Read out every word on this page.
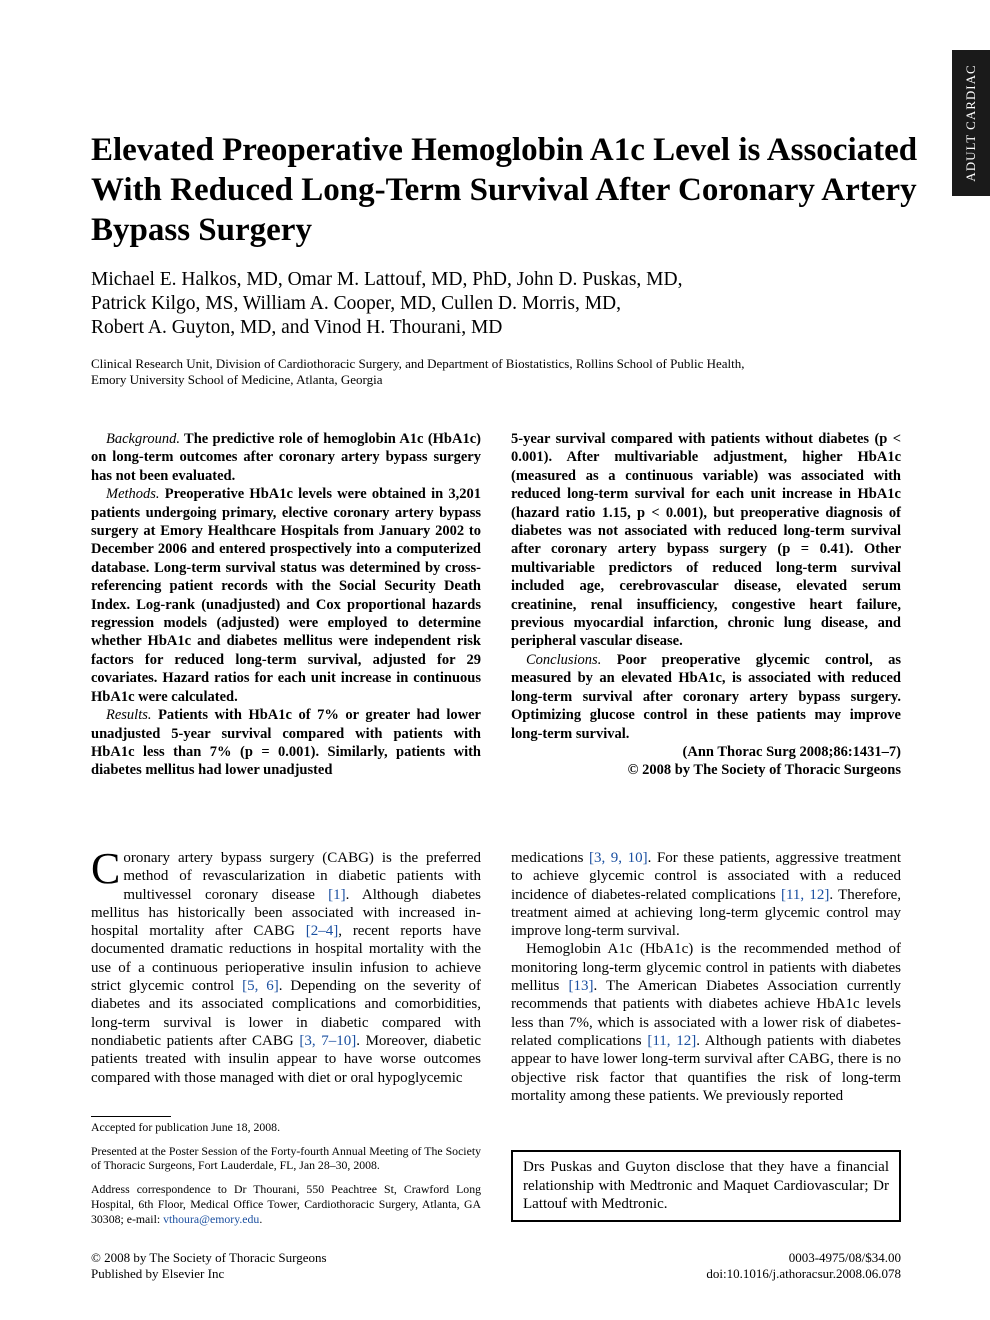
ADULT CARDIAC
Elevated Preoperative Hemoglobin A1c Level is Associated With Reduced Long-Term Survival After Coronary Artery Bypass Surgery
Michael E. Halkos, MD, Omar M. Lattouf, MD, PhD, John D. Puskas, MD,
Patrick Kilgo, MS, William A. Cooper, MD, Cullen D. Morris, MD,
Robert A. Guyton, MD, and Vinod H. Thourani, MD
Clinical Research Unit, Division of Cardiothoracic Surgery, and Department of Biostatistics, Rollins School of Public Health,
Emory University School of Medicine, Atlanta, Georgia

Background. The predictive role of hemoglobin A1c (HbA1c) on long-term outcomes after coronary artery bypass surgery has not been evaluated.

Methods. Preoperative HbA1c levels were obtained in 3,201 patients undergoing primary, elective coronary artery bypass surgery at Emory Healthcare Hospitals from January 2002 to December 2006 and entered prospectively into a computerized database. Long-term survival status was determined by cross-referencing patient records with the Social Security Death Index. Log-rank (unadjusted) and Cox proportional hazards regression models (adjusted) were employed to determine whether HbA1c and diabetes mellitus were independent risk factors for reduced long-term survival, adjusted for 29 covariates. Hazard ratios for each unit increase in continuous HbA1c were calculated.

Results. Patients with HbA1c of 7% or greater had lower unadjusted 5-year survival compared with patients with HbA1c less than 7% (p = 0.001). Similarly, patients with diabetes mellitus had lower unadjusted

5-year survival compared with patients without diabetes (p < 0.001). After multivariable adjustment, higher HbA1c (measured as a continuous variable) was associated with reduced long-term survival for each unit increase in HbA1c (hazard ratio 1.15, p < 0.001), but preoperative diagnosis of diabetes was not associated with reduced long-term survival after coronary artery bypass surgery (p = 0.41). Other multivariable predictors of reduced long-term survival included age, cerebrovascular disease, elevated serum creatinine, renal insufficiency, congestive heart failure, previous myocardial infarction, chronic lung disease, and peripheral vascular disease.

Conclusions. Poor preoperative glycemic control, as measured by an elevated HbA1c, is associated with reduced long-term survival after coronary artery bypass surgery. Optimizing glucose control in these patients may improve long-term survival.

(Ann Thorac Surg 2008;86:1431–7)

© 2008 by The Society of Thoracic Surgeons

Coronary artery bypass surgery (CABG) is the preferred method of revascularization in diabetic patients with multivessel coronary disease [1]. Although diabetes mellitus has historically been associated with increased in-hospital mortality after CABG [2–4], recent reports have documented dramatic reductions in hospital mortality with the use of a continuous perioperative insulin infusion to achieve strict glycemic control [5, 6]. Depending on the severity of diabetes and its associated complications and comorbidities, long-term survival is lower in diabetic compared with nondiabetic patients after CABG [3, 7–10]. Moreover, diabetic patients treated with insulin appear to have worse outcomes compared with those managed with diet or oral hypoglycemic

medications [3, 9, 10]. For these patients, aggressive treatment to achieve glycemic control is associated with a reduced incidence of diabetes-related complications [11, 12]. Therefore, treatment aimed at achieving long-term glycemic control may improve long-term survival.

Hemoglobin A1c (HbA1c) is the recommended method of monitoring long-term glycemic control in patients with diabetes mellitus [13]. The American Diabetes Association currently recommends that patients with diabetes achieve HbA1c levels less than 7%, which is associated with a lower risk of diabetes-related complications [11, 12]. Although patients with diabetes appear to have lower long-term survival after CABG, there is no objective risk factor that quantifies the risk of long-term mortality among these patients. We previously reported

Accepted for publication June 18, 2008.

Presented at the Poster Session of the Forty-fourth Annual Meeting of The Society of Thoracic Surgeons, Fort Lauderdale, FL, Jan 28–30, 2008.

Address correspondence to Dr Thourani, 550 Peachtree St, Crawford Long Hospital, 6th Floor, Medical Office Tower, Cardiothoracic Surgery, Atlanta, GA 30308; e-mail: vthoura@emory.edu.

Drs Puskas and Guyton disclose that they have a financial relationship with Medtronic and Maquet Cardiovascular; Dr Lattouf with Medtronic.
© 2008 by The Society of Thoracic Surgeons
Published by Elsevier Inc
0003-4975/08/$34.00
doi:10.1016/j.athoracsur.2008.06.078
